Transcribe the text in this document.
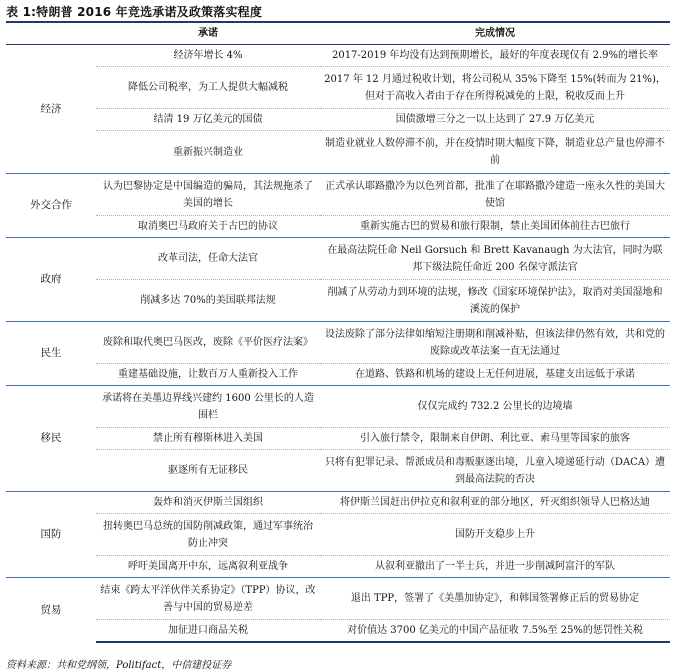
表 1:特朗普 2016 年竞选承诺及政策落实程度
	承诺	完成情况
经济	经济年增长 4%	2017-2019 年均没有达到预期增长，最好的年度表现仅有 2.9%的增长率
	降低公司税率，为工人提供大幅减税	2017 年 12 月通过税收计划，将公司税从 35%下降至 15%(转而为 21%)，但对于高收入者由于存在所得税减免的上限，税收反而上升
	结清 19 万亿美元的国债	国债激增三分之一以上达到了 27.9 万亿美元
	重新振兴制造业	制造业就业人数停滞不前，并在疫情时期大幅度下降，制造业总产量也停滞不前
外交合作	认为巴黎协定是中国编造的骗局，其法规拖杀了美国的增长	正式承认耶路撒冷为以色列首都，批准了在耶路撒冷建造一座永久性的美国大使馆
	取消奥巴马政府关于古巴的协议	重新实施古巴的贸易和旅行限制，禁止美国团体前往古巴旅行
政府	改革司法，任命大法官	在最高法院任命 Neil Gorsuch 和 Brett Kavanaugh 为大法官，同时为联邦下级法院任命近 200 名保守派法官
	削减多达 70%的美国联邦法规	削减了从劳动力到环境的法规，修改《国家环境保护法》，取消对美国湿地和溪流的保护
民生	废除和取代奥巴马医改，废除《平价医疗法案》	设法废除了部分法律如缩短注册期和削减补贴，但该法律仍然有效，共和党的废除或改革法案一直无法通过
	重建基础设施，让数百万人重新投入工作	在道路、铁路和机场的建设上无任何进展，基建支出远低于承诺
移民	承诺将在美墨边界线兴建约 1600 公里长的人造围栏	仅仅完成约 732.2 公里长的边境墙
	禁止所有穆斯林进入美国	引入旅行禁令，限制来自伊朗、利比亚、索马里等国家的旅客
	驱逐所有无证移民	只将有犯罪记录、帮派成员和毒贩驱逐出境，儿童入境递延行动（DACA）遭到最高法院的否决
国防	轰炸和消灭伊斯兰国组织	将伊斯兰国赶出伊拉克和叙利亚的部分地区，歼灭组织领导人巴格达迪
	扭转奥巴马总统的国防削减政策，通过军事统治防止冲突	国防开支稳步上升
	呼吁美国离开中东，远离叙利亚战争	从叙利亚撤出了一半士兵，并进一步削减阿富汗的军队
贸易	结束《跨太平洋伙伴关系协定》（TPP）协议，改善与中国的贸易逆差	退出 TPP，签署了《美墨加协定》，和韩国签署修正后的贸易协定
	加征进口商品关税	对价值达 3700 亿美元的中国产品征收 7.5%至 25%的惩罚性关税
资料来源：共和党纲领，Politifact，中信建投证券
